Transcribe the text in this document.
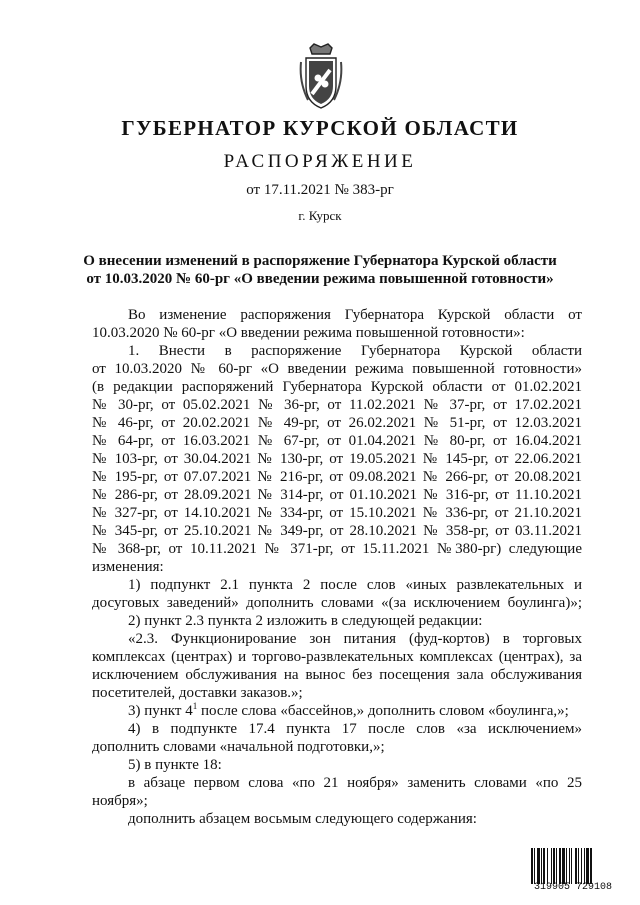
ГУБЕРНАТОР КУРСКОЙ ОБЛАСТИ
РАСПОРЯЖЕНИЕ
от 17.11.2021 № 383-рг
г. Курск
О внесении изменений в распоряжение Губернатора Курской области
от 10.03.2020 № 60-рг «О введении режима повышенной готовности»
Во изменение распоряжения Губернатора Курской области от
10.03.2020 № 60-рг «О введении режима повышенной готовности»:
1. Внести в распоряжение Губернатора Курской области
от 10.03.2020 № 60-рг «О введении режима повышенной готовности»
(в редакции распоряжений Губернатора Курской области от 01.02.2021
№ 30-рг, от 05.02.2021 № 36-рг, от 11.02.2021 № 37-рг, от 17.02.2021
№ 46-рг, от 20.02.2021 № 49-рг, от 26.02.2021 № 51-рг, от 12.03.2021
№ 64-рг, от 16.03.2021 № 67-рг, от 01.04.2021 № 80-рг, от 16.04.2021
№ 103-рг, от 30.04.2021 № 130-рг, от 19.05.2021 № 145-рг, от 22.06.2021
№ 195-рг, от 07.07.2021 № 216-рг, от 09.08.2021 № 266-рг, от 20.08.2021
№ 286-рг, от 28.09.2021 № 314-рг, от 01.10.2021 № 316-рг, от 11.10.2021
№ 327-рг, от 14.10.2021 № 334-рг, от 15.10.2021 № 336-рг, от 21.10.2021
№ 345-рг, от 25.10.2021 № 349-рг, от 28.10.2021 № 358-рг, от 03.11.2021
№ 368-рг, от 10.11.2021 № 371-рг, от 15.11.2021 №380-рг) следующие
изменения:
1) подпункт 2.1 пункта 2 после слов «иных развлекательных и
досуговых заведений» дополнить словами «(за исключением боулинга)»;
2) пункт 2.3 пункта 2 изложить в следующей редакции:
«2.3. Функционирование зон питания (фуд-кортов) в торговых
комплексах (центрах) и торгово-развлекательных комплексах (центрах), за
исключением обслуживания на вынос без посещения зала обслуживания
посетителей, доставки заказов.»;
3) пункт $4^1$ после слова «бассейнов,» дополнить словом «боулинга,»;
4) в подпункте 17.4 пункта 17 после слов «за исключением»
дополнить словами «начальной подготовки,»;
5) в пункте 18:
в абзаце первом слова «по 21 ноября» заменить словами «по 25
ноября»;
дополнить абзацем восьмым следующего содержания:
319905 729108
